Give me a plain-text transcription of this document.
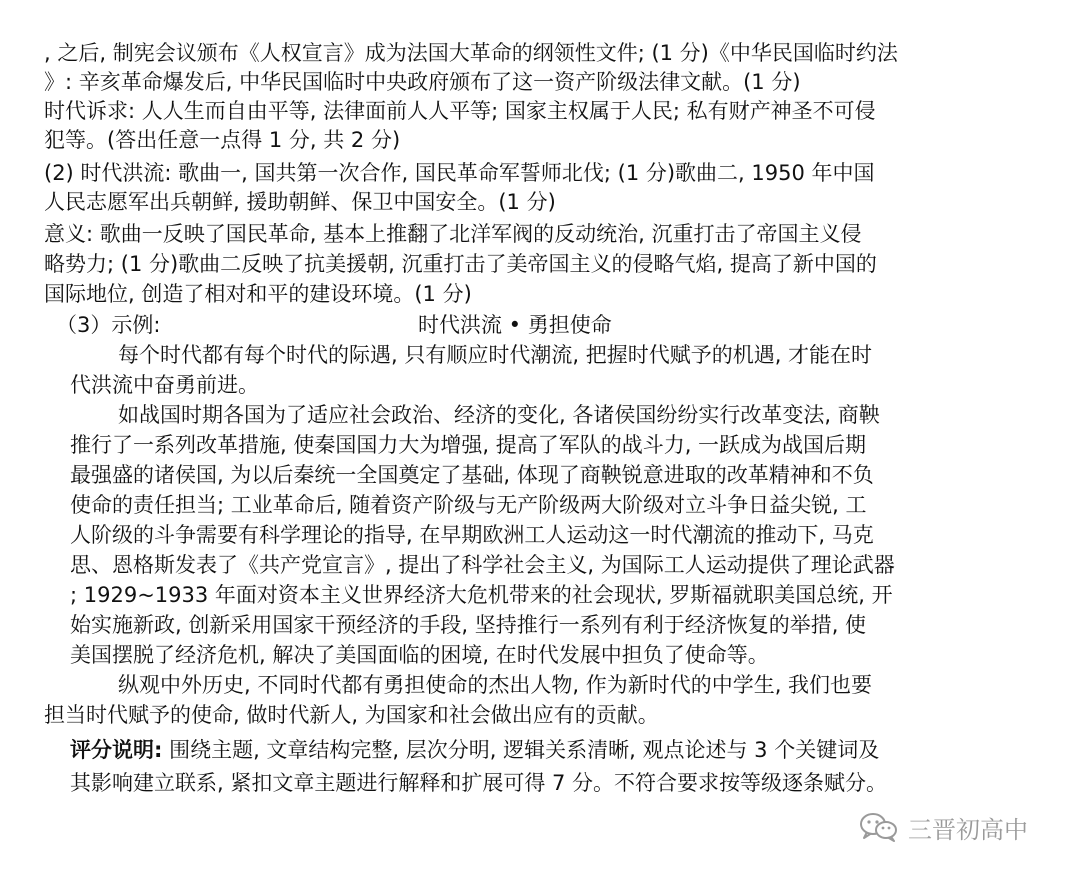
, 之后, 制宪会议颁布《人权宣言》成为法国大革命的纲领性文件; (1 分)《中华民国临时约法
》: 辛亥革命爆发后, 中华民国临时中央政府颁布了这一资产阶级法律文献。(1 分)
时代诉求: 人人生而自由平等, 法律面前人人平等; 国家主权属于人民; 私有财产神圣不可侵
犯等。(答出任意一点得 1 分, 共 2 分)
(2) 时代洪流: 歌曲一, 国共第一次合作, 国民革命军誓师北伐; (1 分)歌曲二, 1950 年中国
人民志愿军出兵朝鲜, 援助朝鲜、保卫中国安全。(1 分)
意义: 歌曲一反映了国民革命, 基本上推翻了北洋军阀的反动统治, 沉重打击了帝国主义侵
略势力; (1 分)歌曲二反映了抗美援朝, 沉重打击了美帝国主义的侵略气焰, 提高了新中国的
国际地位, 创造了相对和平的建设环境。(1 分)
（3）示例:	时代洪流 • 勇担使命
每个时代都有每个时代的际遇, 只有顺应时代潮流, 把握时代赋予的机遇, 才能在时
代洪流中奋勇前进。
如战国时期各国为了适应社会政治、经济的变化, 各诸侯国纷纷实行改革变法, 商鞅
推行了一系列改革措施, 使秦国国力大为增强, 提高了军队的战斗力, 一跃成为战国后期
最强盛的诸侯国, 为以后秦统一全国奠定了基础, 体现了商鞅锐意进取的改革精神和不负
使命的责任担当; 工业革命后, 随着资产阶级与无产阶级两大阶级对立斗争日益尖锐, 工
人阶级的斗争需要有科学理论的指导, 在早期欧洲工人运动这一时代潮流的推动下, 马克
思、恩格斯发表了《共产党宣言》, 提出了科学社会主义, 为国际工人运动提供了理论武器
; 1929~1933 年面对资本主义世界经济大危机带来的社会现状, 罗斯福就职美国总统, 开
始实施新政, 创新采用国家干预经济的手段, 坚持推行一系列有利于经济恢复的举措, 使
美国摆脱了经济危机, 解决了美国面临的困境, 在时代发展中担负了使命等。
纵观中外历史, 不同时代都有勇担使命的杰出人物, 作为新时代的中学生, 我们也要
担当时代赋予的使命, 做时代新人, 为国家和社会做出应有的贡献。
评分说明: 围绕主题, 文章结构完整, 层次分明, 逻辑关系清晰, 观点论述与 3 个关键词及
其影响建立联系, 紧扣文章主题进行解释和扩展可得 7 分。不符合要求按等级逐条赋分。
三晋初高中
